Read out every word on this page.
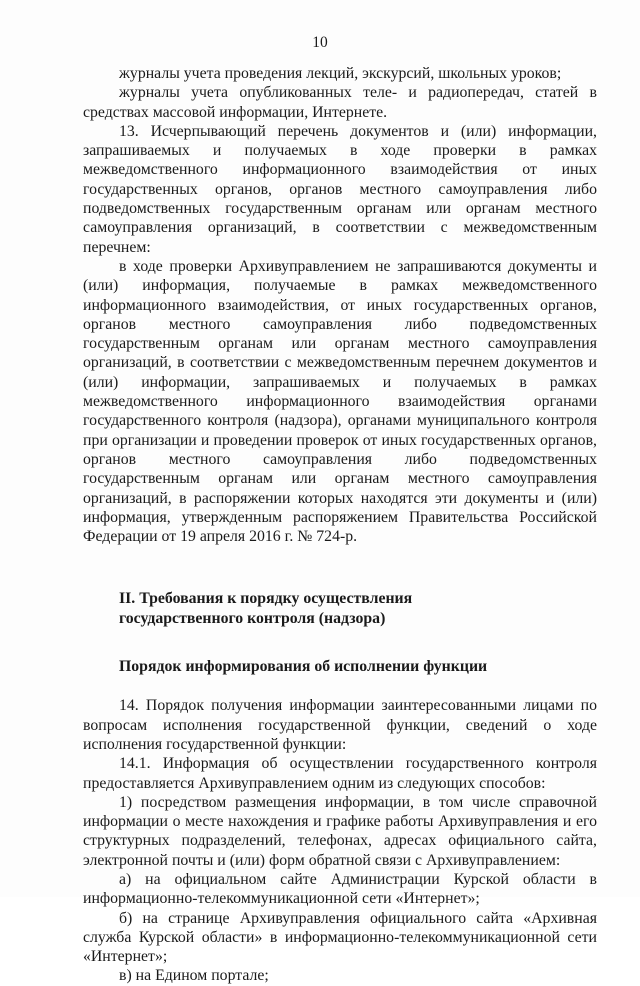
10

журналы учета проведения лекций, экскурсий, школьных уроков;

журналы учета опубликованных теле- и радиопередач, статей в средствах массовой информации, Интернете.

13. Исчерпывающий перечень документов и (или) информации, запрашиваемых и получаемых в ходе проверки в рамках межведомственного информационного взаимодействия от иных государственных органов, органов местного самоуправления либо подведомственных государственным органам или органам местного самоуправления организаций, в соответствии с межведомственным перечнем:

в ходе проверки Архивуправлением не запрашиваются документы и (или) информация, получаемые в рамках межведомственного информационного взаимодействия, от иных государственных органов, органов местного самоуправления либо подведомственных государственным органам или органам местного самоуправления организаций, в соответствии с межведомственным перечнем документов и (или) информации, запрашиваемых и получаемых в рамках межведомственного информационного взаимодействия органами государственного контроля (надзора), органами муниципального контроля при организации и проведении проверок от иных государственных органов, органов местного самоуправления либо подведомственных государственным органам или органам местного самоуправления организаций, в распоряжении которых находятся эти документы и (или) информация, утвержденным распоряжением Правительства Российской Федерации от 19 апреля 2016 г. № 724-р.

II. Требования к порядку осуществления

государственного контроля (надзора)

Порядок информирования об исполнении функции

14. Порядок получения информации заинтересованными лицами по вопросам исполнения государственной функции, сведений о ходе исполнения государственной функции:

14.1. Информация об осуществлении государственного контроля предоставляется Архивуправлением одним из следующих способов:

1) посредством размещения информации, в том числе справочной информации о месте нахождения и графике работы Архивуправления и его структурных подразделений, телефонах, адресах официального сайта, электронной почты и (или) форм обратной связи с Архивуправлением:

а) на официальном сайте Администрации Курской области в информационно-телекоммуникационной сети «Интернет»;

б) на странице Архивуправления официального сайта «Архивная служба Курской области» в информационно-телекоммуникационной сети «Интернет»;

в) на Едином портале;
